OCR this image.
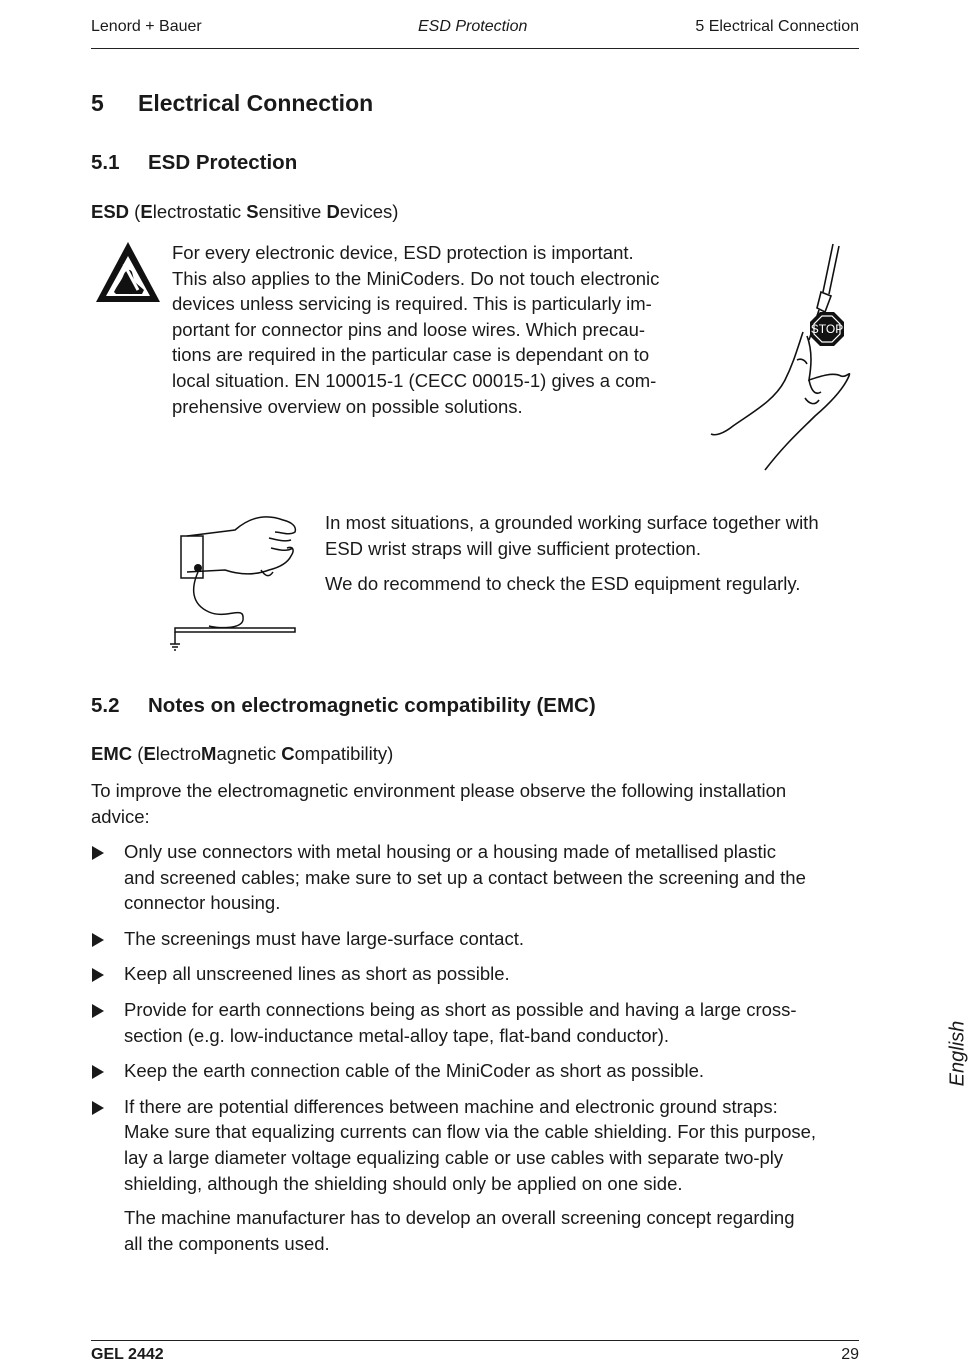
Lenord + Bauer	ESD Protection	5 Electrical Connection
5 Electrical Connection
5.1 ESD Protection
ESD (Electrostatic Sensitive Devices)

For every electronic device, ESD protection is important.
This also applies to the MiniCoders. Do not touch electronic
devices unless servicing is required. This is particularly im-
portant for connector pins and loose wires. Which precau-
tions are required in the particular case is dependant on to
local situation. EN 100015-1 (CECC 00015-1) gives a com-
prehensive overview on possible solutions.

STOP

In most situations, a grounded working surface together with
ESD wrist straps will give sufficient protection.

We do recommend to check the ESD equipment regularly.

5.2 Notes on electromagnetic compatibility (EMC)
EMC (ElectroMagnetic Compatibility)

To improve the electromagnetic environment please observe the following installation
advice:

Only use connectors with metal housing or a housing made of metallised plastic
and screened cables; make sure to set up a contact between the screening and the
connector housing.
The screenings must have large-surface contact.
Keep all unscreened lines as short as possible.
Provide for earth connections being as short as possible and having a large cross-
section (e.g. low-inductance metal-alloy tape, flat-band conductor).
Keep the earth connection cable of the MiniCoder as short as possible.
If there are potential differences between machine and electronic ground straps:
Make sure that equalizing currents can flow via the cable shielding. For this purpose,
lay a large diameter voltage equalizing cable or use cables with separate two-ply
shielding, although the shielding should only be applied on one side.

The machine manufacturer has to develop an overall screening concept regarding
all the components used.

English
GEL 2442	29
